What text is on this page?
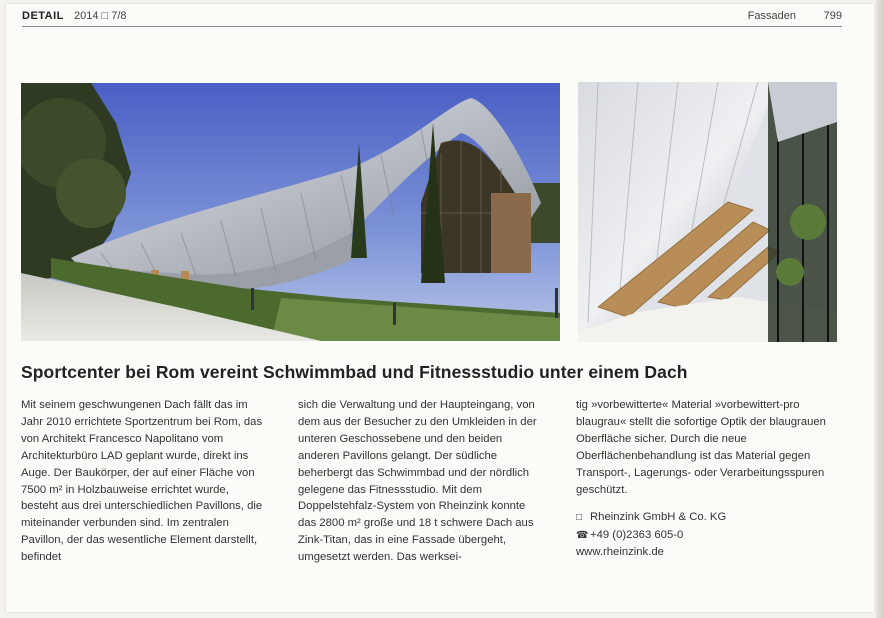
DETAIL 2014 □ 7/8	Fassaden	799
Sportcenter bei Rom vereint Schwimmbad und Fitnessstudio unter einem Dach

Mit seinem geschwungenen Dach fällt das im Jahr 2010 errichtete Sportzentrum bei Rom, das von Architekt Francesco Napolitano vom Architekturbüro LAD geplant wurde, direkt ins Auge. Der Baukörper, der auf einer Fläche von 7500 m² in Holzbauweise errichtet wurde, besteht aus drei unterschiedlichen Pavillons, die miteinander verbunden sind. Im zentralen Pavillon, der das wesentliche Element darstellt, befindet

sich die Verwaltung und der Haupteingang, von dem aus der Besucher zu den Umkleiden in der unteren Geschossebene und den beiden anderen Pavillons gelangt. Der südliche beherbergt das Schwimmbad und der nördlich gelegene das Fitnessstudio. Mit dem Doppelstehfalz-System von Rheinzink konnte das 2800 m² große und 18 t schwere Dach aus Zink-Titan, das in eine Fassade übergeht, umgesetzt werden. Das werksei-

tig »vorbewitterte« Material »vorbewittert-pro blaugrau« stellt die sofortige Optik der blaugrauen Oberfläche sicher. Durch die neue Oberflächenbehandlung ist das Material gegen Transport-, Lagerungs- oder Verarbeitungsspuren geschützt.

□ Rheinzink GmbH & Co. KG
☎ +49 (0)2363 605-0
www.rheinzink.de
